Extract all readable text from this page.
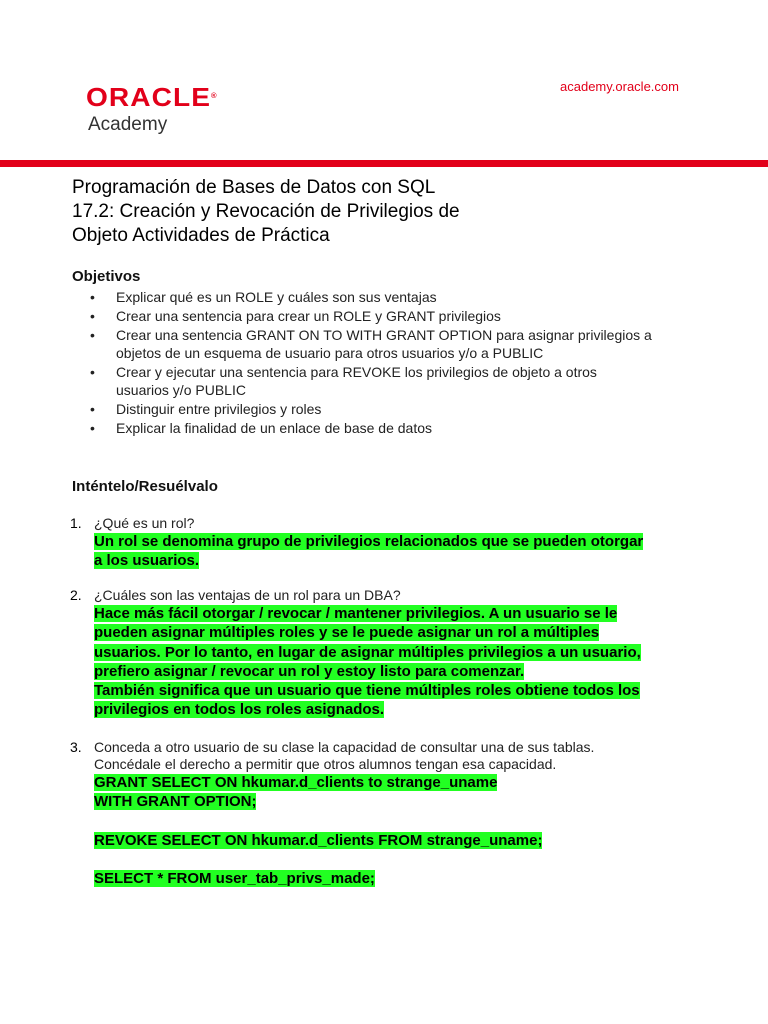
ORACLE®
Academy
academy.oracle.com
Programación de Bases de Datos con SQL
17.2: Creación y Revocación de Privilegios de
Objeto Actividades de Práctica
Objetivos
• Explicar qué es un ROLE y cuáles son sus ventajas
• Crear una sentencia para crear un ROLE y GRANT privilegios
• Crear una sentencia GRANT ON TO WITH GRANT OPTION para asignar privilegios a
objetos de un esquema de usuario para otros usuarios y/o a PUBLIC
• Crear y ejecutar una sentencia para REVOKE los privilegios de objeto a otros
usuarios y/o PUBLIC
• Distinguir entre privilegios y roles
• Explicar la finalidad de un enlace de base de datos
Inténtelo/Resuélvalo
1. ¿Qué es un rol?
Un rol se denomina grupo de privilegios relacionados que se pueden otorgar
a los usuarios.
2. ¿Cuáles son las ventajas de un rol para un DBA?
Hace más fácil otorgar / revocar / mantener privilegios. A un usuario se le
pueden asignar múltiples roles y se le puede asignar un rol a múltiples
usuarios. Por lo tanto, en lugar de asignar múltiples privilegios a un usuario,
prefiero asignar / revocar un rol y estoy listo para comenzar.
También significa que un usuario que tiene múltiples roles obtiene todos los
privilegios en todos los roles asignados.
3. Conceda a otro usuario de su clase la capacidad de consultar una de sus tablas.
Concédale el derecho a permitir que otros alumnos tengan esa capacidad.
GRANT SELECT ON hkumar.d_clients to strange_uname
WITH GRANT OPTION;
REVOKE SELECT ON hkumar.d_clients FROM strange_uname;
SELECT * FROM user_tab_privs_made;
